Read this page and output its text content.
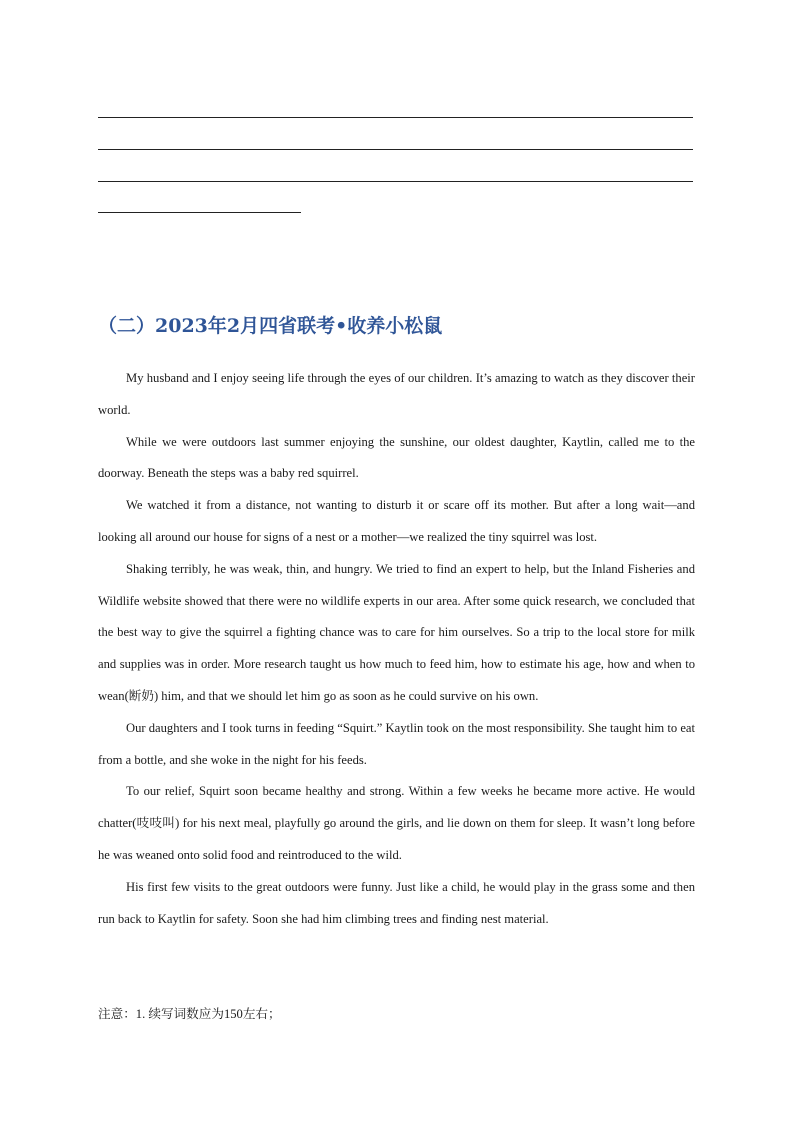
（二）2023年2月四省联考•收养小松鼠

My husband and I enjoy seeing life through the eyes of our children. It’s amazing to watch as they discover their world.

While we were outdoors last summer enjoying the sunshine, our oldest daughter, Kaytlin, called me to the doorway. Beneath the steps was a baby red squirrel.

We watched it from a distance, not wanting to disturb it or scare off its mother. But after a long wait—and looking all around our house for signs of a nest or a mother—we realized the tiny squirrel was lost.

Shaking terribly, he was weak, thin, and hungry. We tried to find an expert to help, but the Inland Fisheries and Wildlife website showed that there were no wildlife experts in our area. After some quick research, we concluded that the best way to give the squirrel a fighting chance was to care for him ourselves. So a trip to the local store for milk and supplies was in order. More research taught us how much to feed him, how to estimate his age, how and when to wean(断奶) him, and that we should let him go as soon as he could survive on his own.

Our daughters and I took turns in feeding “Squirt.” Kaytlin took on the most responsibility. She taught him to eat from a bottle, and she woke in the night for his feeds.

To our relief, Squirt soon became healthy and strong. Within a few weeks he became more active. He would chatter(吱吱叫) for his next meal, playfully go around the girls, and lie down on them for sleep. It wasn’t long before he was weaned onto solid food and reintroduced to the wild.

His first few visits to the great outdoors were funny. Just like a child, he would play in the grass some and then run back to Kaytlin for safety. Soon she had him climbing trees and finding nest material.

注意：1. 续写词数应为150左右；
